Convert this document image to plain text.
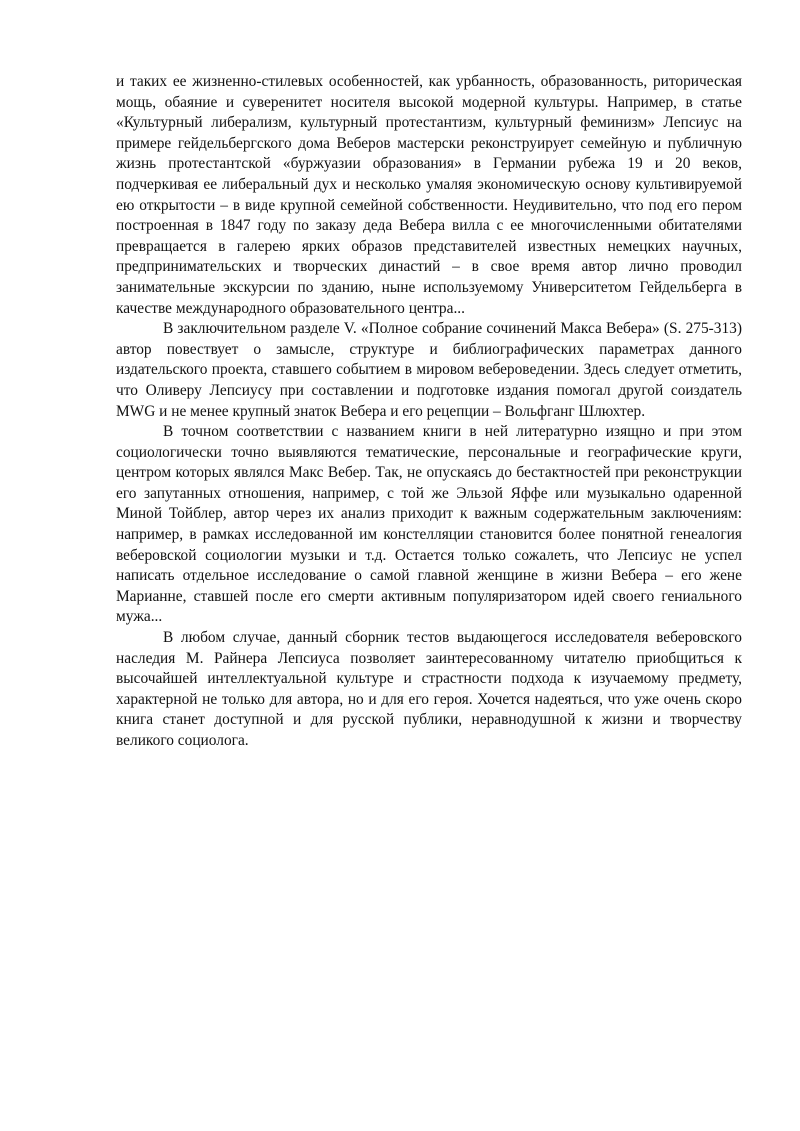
и таких ее жизненно-стилевых особенностей, как урбанность, образованность, риторическая мощь, обаяние и суверенитет носителя высокой модерной культуры. Например, в статье «Культурный либерализм, культурный протестантизм, культурный феминизм» Лепсиус на примере гейдельбергского дома Веберов мастерски реконструирует семейную и публичную жизнь протестантской «буржуазии образования» в Германии рубежа 19 и 20 веков, подчеркивая ее либеральный дух и несколько умаляя экономическую основу культивируемой ею открытости – в виде крупной семейной собственности. Неудивительно, что под его пером построенная в 1847 году по заказу деда Вебера вилла с ее многочисленными обитателями превращается в галерею ярких образов представителей известных немецких научных, предпринимательских и творческих династий – в свое время автор лично проводил занимательные экскурсии по зданию, ныне используемому Университетом Гейдельберга в качестве международного образовательного центра...

В заключительном разделе V. «Полное собрание сочинений Макса Вебера» (S. 275-313) автор повествует о замысле, структуре и библиографических параметрах данного издательского проекта, ставшего событием в мировом вебероведении. Здесь следует отметить, что Оливеру Лепсиусу при составлении и подготовке издания помогал другой соиздатель MWG и не менее крупный знаток Вебера и его рецепции – Вольфганг Шлюхтер.

В точном соответствии с названием книги в ней литературно изящно и при этом социологически точно выявляются тематические, персональные и географические круги, центром которых являлся Макс Вебер. Так, не опускаясь до бестактностей при реконструкции его запутанных отношения, например, с той же Эльзой Яффе или музыкально одаренной Миной Тойблер, автор через их анализ приходит к важным содержательным заключениям: например, в рамках исследованной им констелляции становится более понятной генеалогия веберовской социологии музыки и т.д. Остается только сожалеть, что Лепсиус не успел написать отдельное исследование о самой главной женщине в жизни Вебера – его жене Марианне, ставшей после его смерти активным популяризатором идей своего гениального мужа...

В любом случае, данный сборник тестов выдающегося исследователя веберовского наследия М. Райнера Лепсиуса позволяет заинтересованному читателю приобщиться к высочайшей интеллектуальной культуре и страстности подхода к изучаемому предмету, характерной не только для автора, но и для его героя. Хочется надеяться, что уже очень скоро книга станет доступной и для русской публики, неравнодушной к жизни и творчеству великого социолога.
